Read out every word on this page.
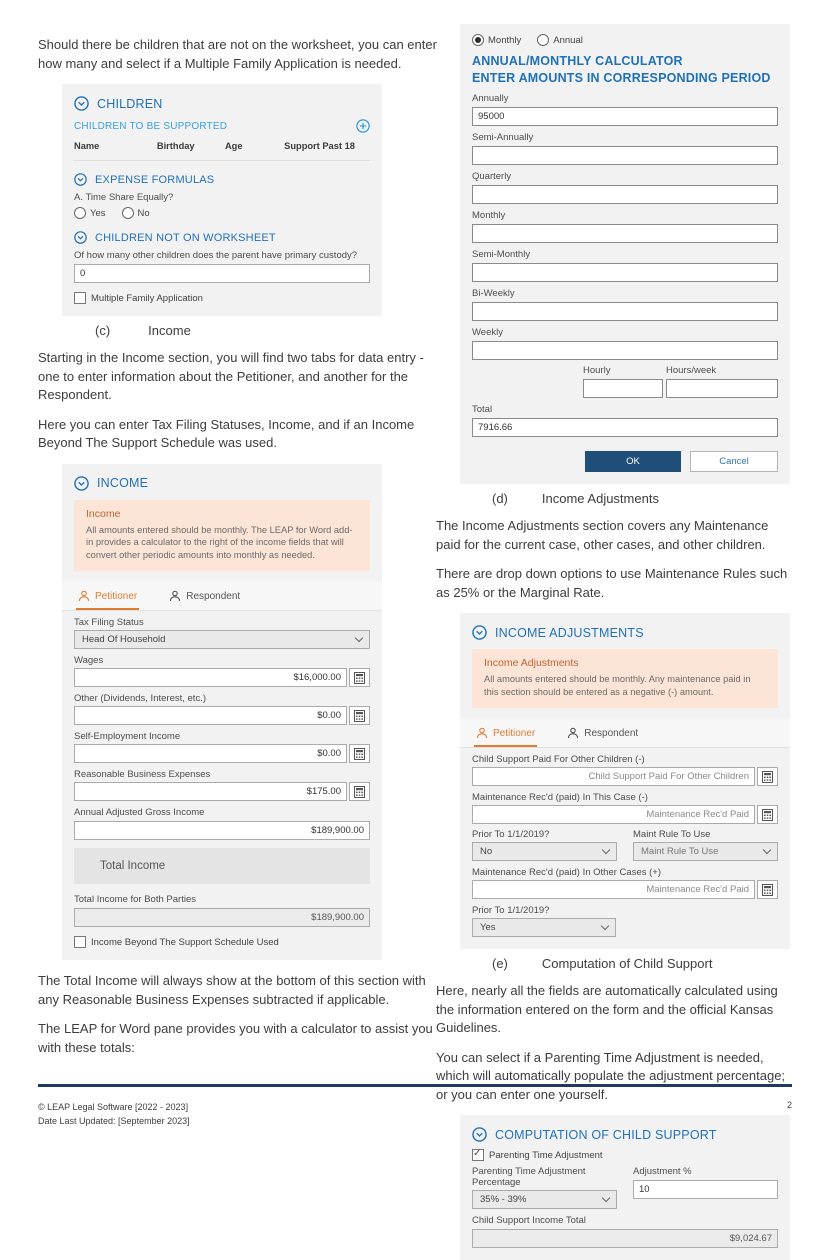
Should there be children that are not on the worksheet, you can enter how many and select if a Multiple Family Application is needed.

CHILDREN
CHILDREN TO BE SUPPORTED
Name	Birthday	Age	Support Past 18
EXPENSE FORMULAS
A. Time Share Equally?
Yes	No
CHILDREN NOT ON WORKSHEET
Of how many other children does the parent have primary custody?
0
Multiple Family Application
(c)	Income

Starting in the Income section, you will find two tabs for data entry - one to enter information about the Petitioner, and another for the Respondent.

Here you can enter Tax Filing Statuses, Income, and if an Income Beyond The Support Schedule was used.

INCOME
Income
All amounts entered should be monthly. The LEAP for Word add-in provides a calculator to the right of the income fields that will convert other periodic amounts into monthly as needed.
Petitioner	Respondent
Tax Filing Status
Head Of Household
Wages
$16,000.00
Other (Dividends, Interest, etc.)
$0.00
Self-Employment Income
$0.00
Reasonable Business Expenses
$175.00
Annual Adjusted Gross Income
$189,900.00
Total Income
Total Income for Both Parties
$189,900.00
Income Beyond The Support Schedule Used

The Total Income will always show at the bottom of this section with any Reasonable Business Expenses subtracted if applicable.

The LEAP for Word pane provides you with a calculator to assist you with these totals:

Monthly	Annual
ANNUAL/MONTHLY CALCULATOR
ENTER AMOUNTS IN CORRESPONDING PERIOD
Annually
95000
Semi-Annually
Quarterly
Monthly
Semi-Monthly
Bi-Weekly
Weekly
Hourly	Hours/week
Total
7916.66
OK	Cancel
(d)	Income Adjustments

The Income Adjustments section covers any Maintenance paid for the current case, other cases, and other children.

There are drop down options to use Maintenance Rules such as 25% or the Marginal Rate.

INCOME ADJUSTMENTS
Income Adjustments
All amounts entered should be monthly. Any maintenance paid in this section should be entered as a negative (-) amount.
Petitioner	Respondent
Child Support Paid For Other Children (-)
Child Support Paid For Other Children
Maintenance Rec'd (paid) In This Case (-)
Maintenance Rec'd Paid
Prior To 1/1/2019?
No
Maint Rule To Use
Maint Rule To Use
Maintenance Rec'd (paid) In Other Cases (+)
Maintenance Rec'd Paid
Prior To 1/1/2019?
Yes
(e)	Computation of Child Support

Here, nearly all the fields are automatically calculated using the information entered on the form and the official Kansas Guidelines.

You can select if a Parenting Time Adjustment is needed, which will automatically populate the adjustment percentage; or you can enter one yourself.

COMPUTATION OF CHILD SUPPORT
✓
Parenting Time Adjustment
Parenting Time Adjustment Percentage
35% - 39%
Adjustment %
10
Child Support Income Total
$9,024.67
© LEAP Legal Software [2022 - 2023]
Date Last Updated: [September 2023]
2
